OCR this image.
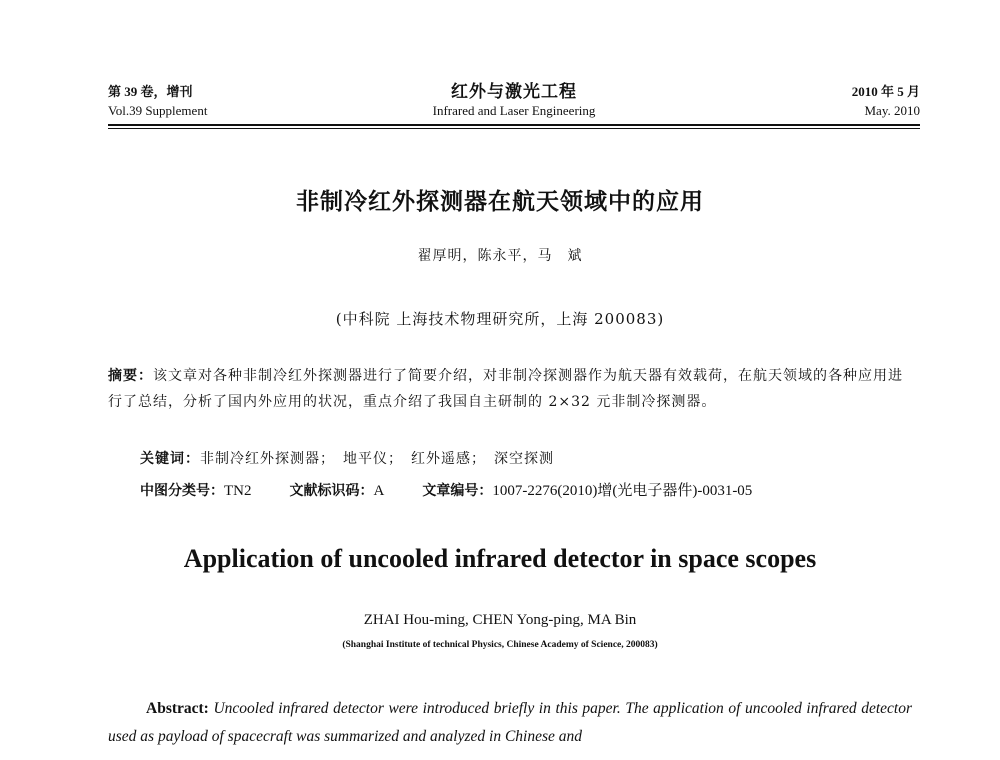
第 39 卷，增刊
Vol.39 Supplement
红外与激光工程
Infrared and Laser Engineering
2010 年 5 月
May. 2010
非制冷红外探测器在航天领域中的应用
翟厚明，陈永平，马　斌
(中科院 上海技术物理研究所，上海 200083)
摘要：该文章对各种非制冷红外探测器进行了简要介绍，对非制冷探测器作为航天器有效载荷，在航天领域的各种应用进行了总结，分析了国内外应用的状况，重点介绍了我国自主研制的 2×32 元非制冷探测器。
关键词：非制冷红外探测器；　地平仪；　红外遥感；　深空探测
中图分类号：TN2	文献标识码：A	文章编号：1007-2276(2010)增(光电子器件)-0031-05
Application of uncooled infrared detector in space scopes
ZHAI Hou-ming, CHEN Yong-ping, MA Bin
(Shanghai Institute of technical Physics, Chinese Academy of Science, 200083)
Abstract: Uncooled infrared detector were introduced briefly in this paper. The application of uncooled infrared detector used as payload of spacecraft was summarized and analyzed in Chinese and
